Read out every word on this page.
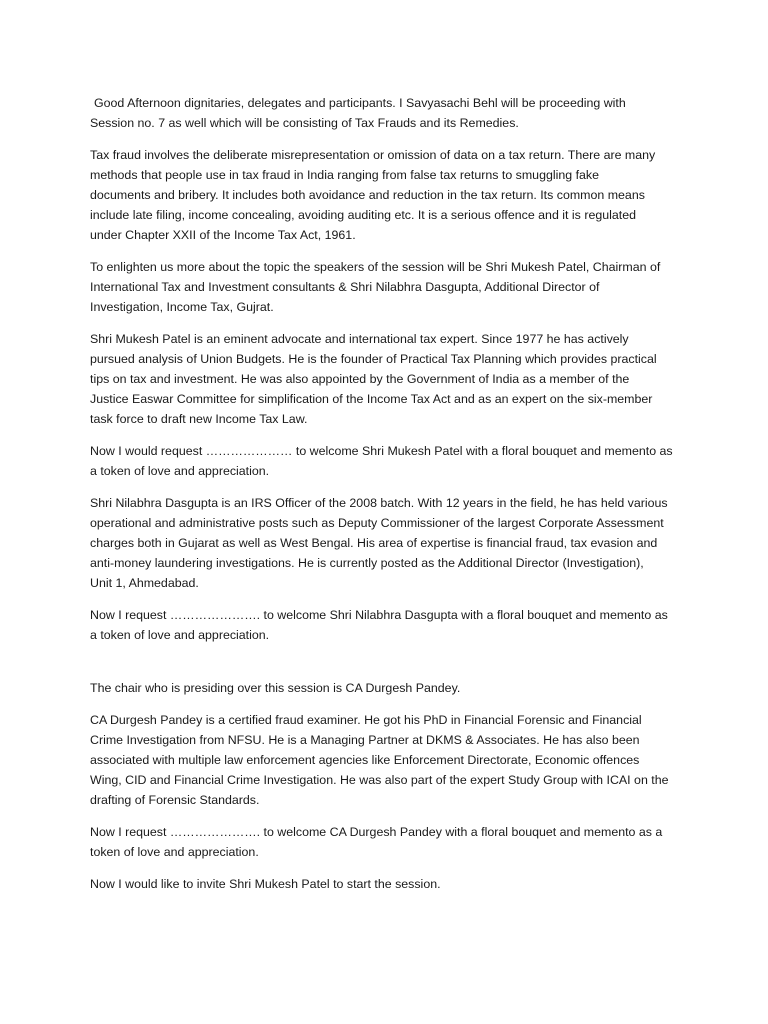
Good Afternoon dignitaries, delegates and participants. I Savyasachi Behl will be proceeding with
Session no. 7 as well which will be consisting of Tax Frauds and its Remedies.

Tax fraud involves the deliberate misrepresentation or omission of data on a tax return. There are many
methods that people use in tax fraud in India ranging from false tax returns to smuggling fake
documents and bribery. It includes both avoidance and reduction in the tax return. Its common means
include late filing, income concealing, avoiding auditing etc. It is a serious offence and it is regulated
under Chapter XXII of the Income Tax Act, 1961.

To enlighten us more about the topic the speakers of the session will be Shri Mukesh Patel, Chairman of
International Tax and Investment consultants & Shri Nilabhra Dasgupta, Additional Director of
Investigation, Income Tax, Gujrat.

Shri Mukesh Patel is an eminent advocate and international tax expert. Since 1977 he has actively
pursued analysis of Union Budgets. He is the founder of Practical Tax Planning which provides practical
tips on tax and investment. He was also appointed by the Government of India as a member of the
Justice Easwar Committee for simplification of the Income Tax Act and as an expert on the six-member
task force to draft new Income Tax Law.

Now I would request ………………… to welcome Shri Mukesh Patel with a floral bouquet and memento as
a token of love and appreciation.

Shri Nilabhra Dasgupta is an IRS Officer of the 2008 batch. With 12 years in the field, he has held various
operational and administrative posts such as Deputy Commissioner of the largest Corporate Assessment
charges both in Gujarat as well as West Bengal. His area of expertise is financial fraud, tax evasion and
anti-money laundering investigations. He is currently posted as the Additional Director (Investigation),
Unit 1, Ahmedabad.

Now I request …………………. to welcome Shri Nilabhra Dasgupta with a floral bouquet and memento as
a token of love and appreciation.

The chair who is presiding over this session is CA Durgesh Pandey.

CA Durgesh Pandey is a certified fraud examiner. He got his PhD in Financial Forensic and Financial
Crime Investigation from NFSU. He is a Managing Partner at DKMS & Associates. He has also been
associated with multiple law enforcement agencies like Enforcement Directorate, Economic offences
Wing, CID and Financial Crime Investigation. He was also part of the expert Study Group with ICAI on the
drafting of Forensic Standards.

Now I request …………………. to welcome CA Durgesh Pandey with a floral bouquet and memento as a
token of love and appreciation.

Now I would like to invite Shri Mukesh Patel to start the session.
